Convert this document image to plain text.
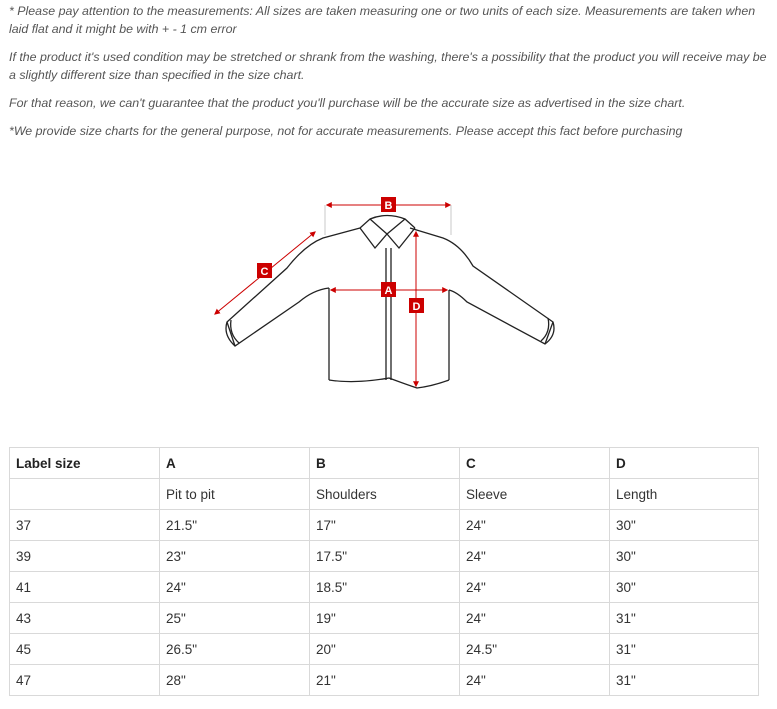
* Please pay attention to the measurements: All sizes are taken measuring one or two units of each size. Measurements are taken when laid flat and it might be with + - 1 cm error

If the product it's used condition may be stretched or shrank from the washing, there's a possibility that the product you will receive may be a slightly different size than specified in the size chart.

For that reason, we can't guarantee that the product you'll purchase will be the accurate size as advertised in the size chart.

*We provide size charts for the general purpose, not for accurate measurements. Please accept this fact before purchasing

B
C
A
D
Label size	A	B	C	D
	Pit to pit	Shoulders	Sleeve	Length
37	21.5"	17"	24"	30"
39	23"	17.5"	24"	30"
41	24"	18.5"	24"	30"
43	25"	19"	24"	31"
45	26.5"	20"	24.5"	31"
47	28"	21"	24"	31"
